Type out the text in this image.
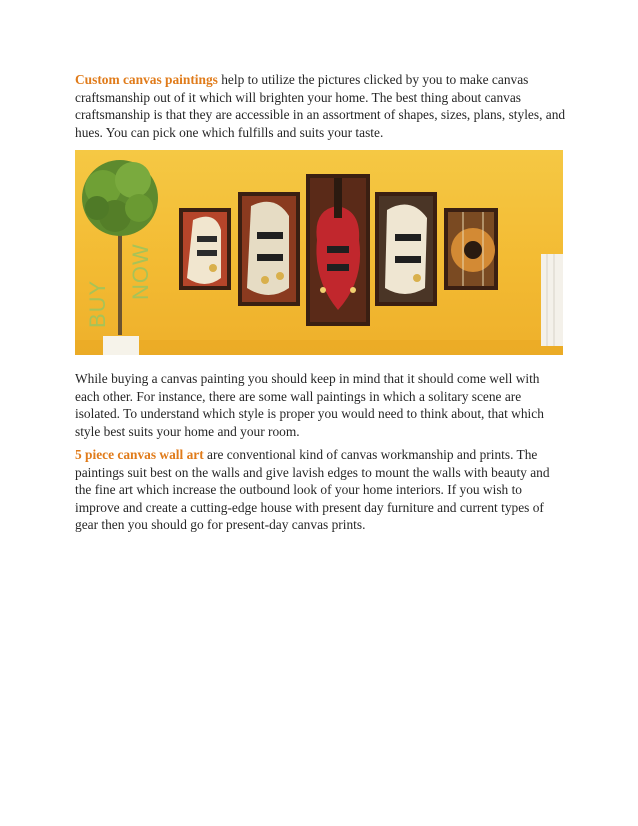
Custom canvas paintings help to utilize the pictures clicked by you to make canvas craftsmanship out of it which will brighten your home. The best thing about canvas craftsmanship is that they are accessible in an assortment of shapes, sizes, plans, styles, and hues. You can pick one which fulfills and suits your taste.

NOW
BUY

While buying a canvas painting you should keep in mind that it should come well with each other. For instance, there are some wall paintings in which a solitary scene are isolated. To understand which style is proper you would need to think about, that which style best suits your home and your room.

5 piece canvas wall art are conventional kind of canvas workmanship and prints. The paintings suit best on the walls and give lavish edges to mount the walls with beauty and the fine art which increase the outbound look of your home interiors. If you wish to improve and create a cutting-edge house with present day furniture and current types of gear then you should go for present-day canvas prints.
